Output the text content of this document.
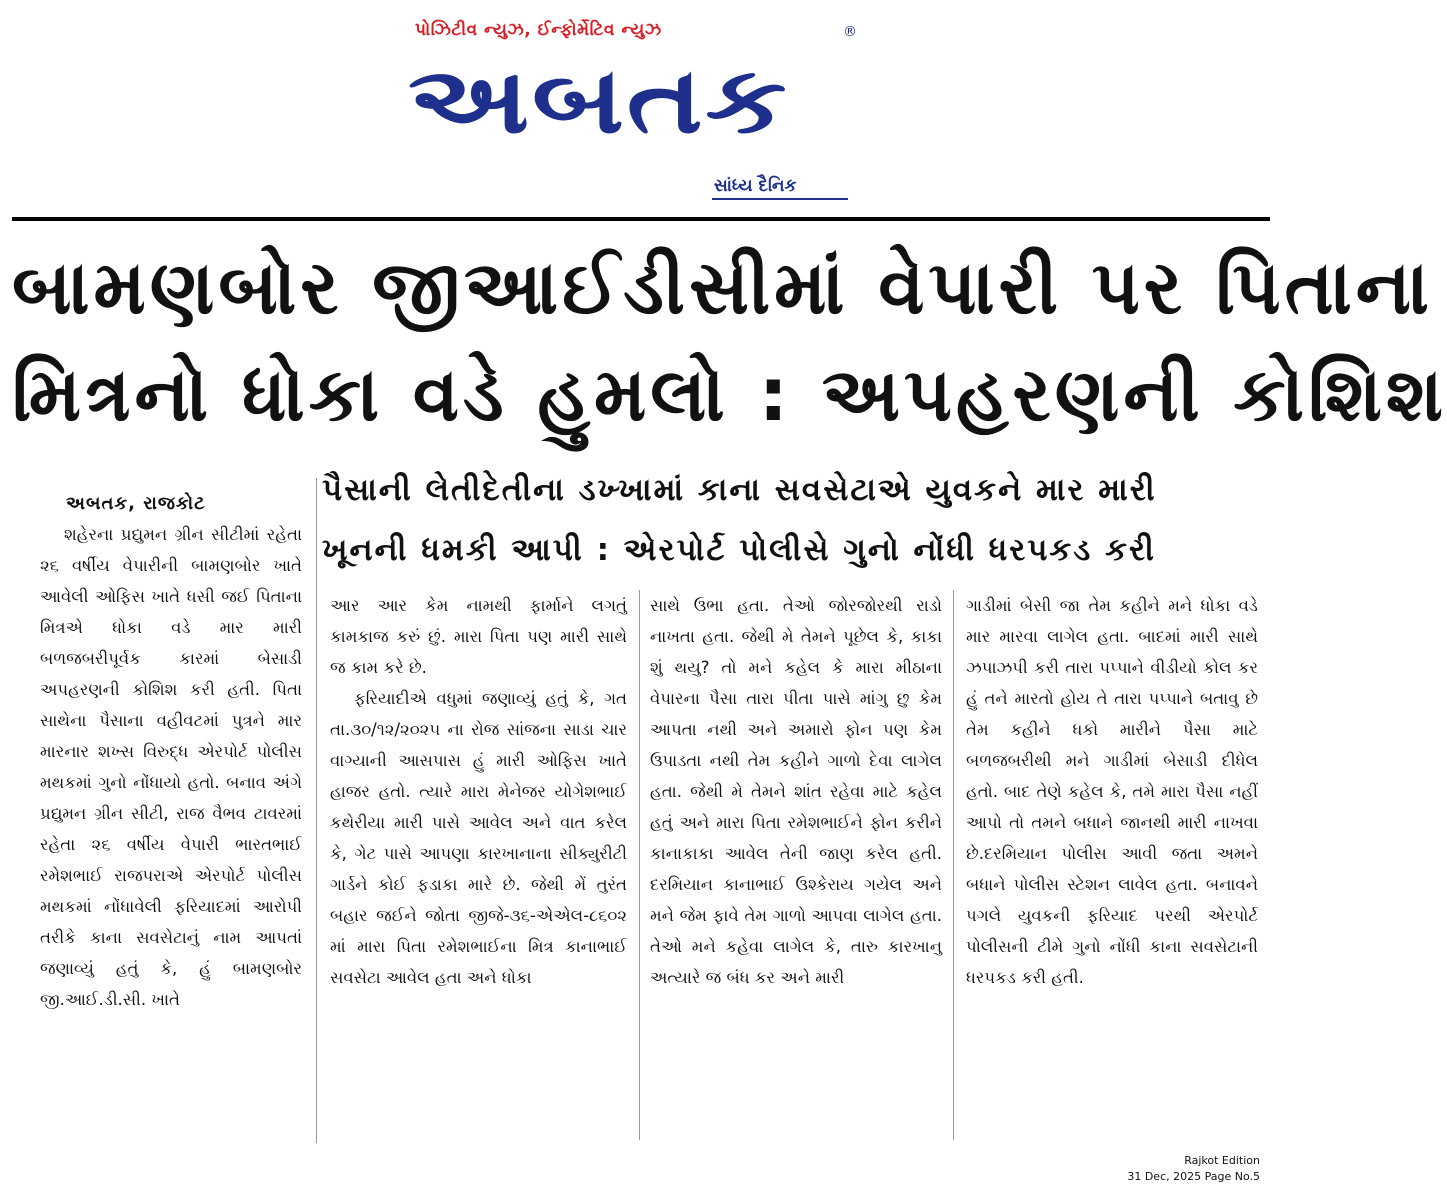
પોઝિટીવ ન્યુઝ, ઈન્ફોર્મેટિવ ન્યુઝ
અબતક
®
સાંધ્ય દૈનિક
બામણબોર જીઆઈડીસીમાં વેપારી પર પિતાના
મિત્રનો ધોકા વડે હુમલો : અપહરણની કોશિશ
પૈસાની લેતીદેતીના ડખ્ખામાં કાના સવસેટાએ યુવકને માર મારી
ખૂનની ધમકી આપી : એરપોર્ટ પોલીસે ગુનો નોંધી ધરપકડ કરી
અબતક, રાજકોટ

શહેરના પ્રદ્યુમન ગ્રીન સીટીમાં રહેતા ૨૬ વર્ષીય વેપારીની બામણબોર ખાતે આવેલી ઓફિસ ખાતે ધસી જઈ પિતાના મિત્રએ ધોકા વડે માર મારી બળજબરીપૂર્વક કારમાં બેસાડી અપહરણની કોશિશ કરી હતી. પિતા સાથેના પૈસાના વહીવટમાં પુત્રને માર મારનાર શખ્સ વિરુદ્ધ એરપોર્ટ પોલીસ મથકમાં ગુનો નોંધાયો હતો. બનાવ અંગે પ્રદ્યુમન ગ્રીન સીટી, રાજ વૈભવ ટાવરમાં રહેતા ૨૬ વર્ષીય વેપારી ભારતભાઈ રમેશભાઈ રાજપરાએ એરપોર્ટ પોલીસ મથકમાં નોંધાવેલી ફરિયાદમાં આરોપી તરીકે કાના સવસેટાનું નામ આપતાં જણાવ્યું હતું કે, હું બામણબોર જી.આઈ.ડી.સી. ખાતે

આર આર કેમ નામથી ફાર્માને લગતું કામકાજ કરું છું. મારા પિતા પણ મારી સાથે જ કામ કરે છે.

ફરિયાદીએ વધુમાં જણાવ્યું હતું કે, ગત તા.૩૦/૧૨/૨૦૨૫ ના રોજ સાંજના સાડા ચાર વાગ્યાની આસપાસ હું મારી ઓફિસ ખાતે હાજર હતો. ત્યારે મારા મેનેજર યોગેશભાઈ કથેરીયા મારી પાસે આવેલ અને વાત કરેલ કે, ગેટ પાસે આપણા કારખાનાના સીક્યુરીટી ગાર્ડને કોઈ ફડાકા મારે છે. જેથી મેં તુરંત બહાર જઈને જોતા જીજે-૩૬-એએલ-૮૬૦૨ માં મારા પિતા રમેશભાઈના મિત્ર કાનાભાઈ સવસેટા આવેલ હતા અને ધોકા

સાથે ઉભા હતા. તેઓ જોરજોરથી રાડો નાખતા હતા. જેથી મે તેમને પૂછેલ કે, કાકા શું થયુ? તો મને કહેલ કે મારા મીઠાના વેપારના પૈસા તારા પીતા પાસે માંગુ છુ કેમ આપતા નથી અને અમારો ફોન પણ કેમ ઉપાડતા નથી તેમ કહીને ગાળો દેવા લાગેલ હતા. જેથી મે તેમને શાંત રહેવા માટે કહેલ હતું અને મારા પિતા રમેશભાઈને ફોન કરીને કાનાકાકા આવેલ તેની જાણ કરેલ હતી. દરમિયાન કાનાભાઈ ઉશ્કેરાય ગયેલ અને મને જેમ ફાવે તેમ ગાળો આપવા લાગેલ હતા. તેઓ મને કહેવા લાગેલ કે, તારુ કારખાનુ અત્યારે જ બંધ કર અને મારી

ગાડીમાં બેસી જા તેમ કહીને મને ધોકા વડે માર મારવા લાગેલ હતા. બાદમાં મારી સાથે ઝપાઝપી કરી તારા પપ્પાને વીડીયો કોલ કર હું તને મારતો હોય તે તારા પપ્પાને બતાવુ છે તેમ કહીને ધકો મારીને પૈસા માટે બળજબરીથી મને ગાડીમાં બેસાડી દીધેલ હતો. બાદ તેણે કહેલ કે, તમે મારા પૈસા નહીં આપો તો તમને બધાને જાનથી મારી નાખવા છે.દરમિયાન પોલીસ આવી જતા અમને બધાને પોલીસ સ્ટેશન લાવેલ હતા. બનાવને પગલે યુવકની ફરિયાદ પરથી એરપોર્ટ પોલીસની ટીમે ગુનો નોંધી કાના સવસેટાની ધરપકડ કરી હતી.

Rajkot Edition
31 Dec, 2025 Page No.5
